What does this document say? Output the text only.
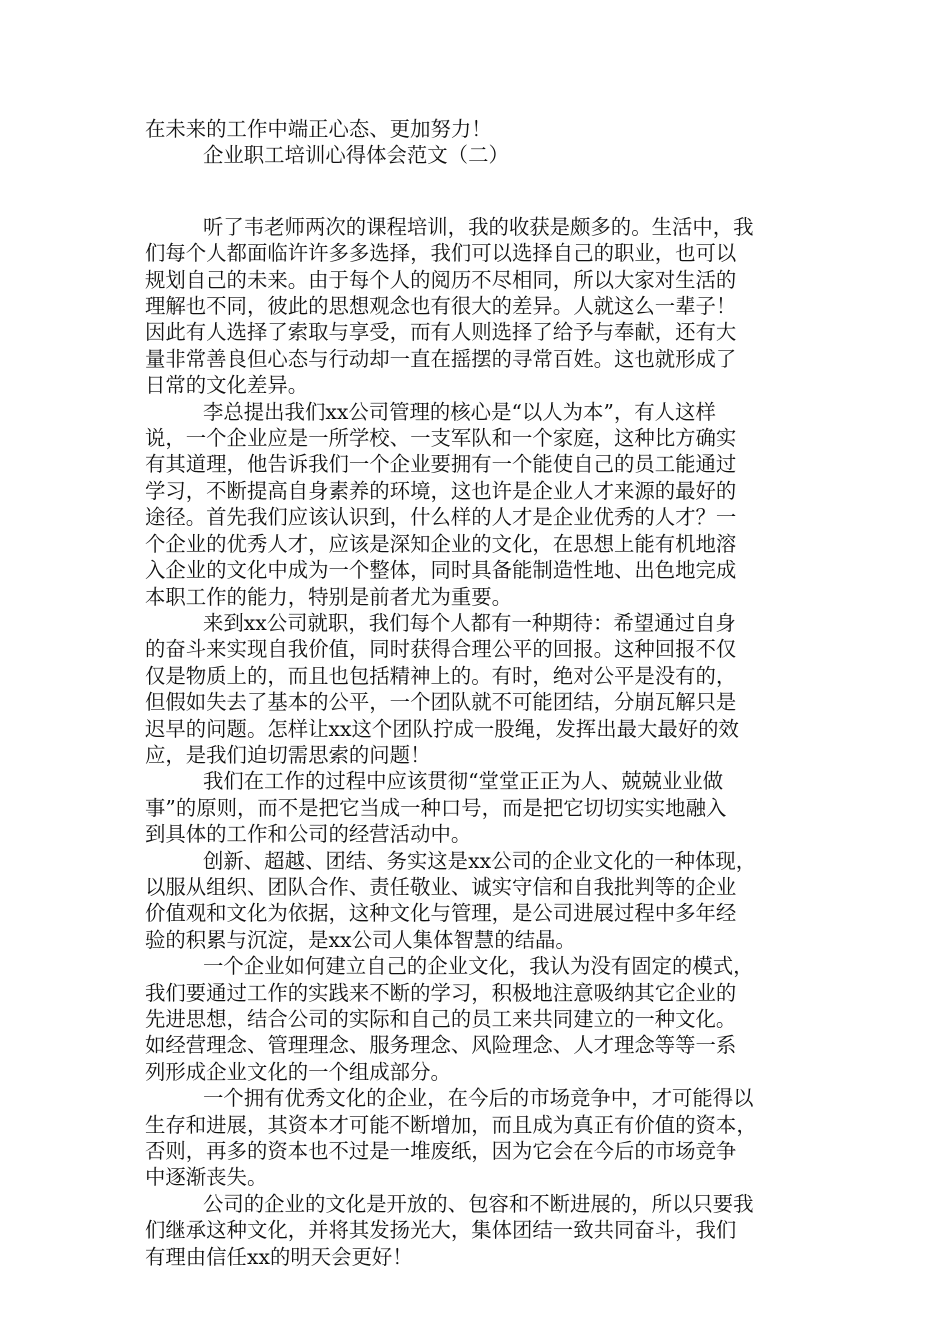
在未来的工作中端正心态、更加努力！
企业职工培训心得体会范文（二）

听了韦老师两次的课程培训，我的收获是颇多的。生活中，我
们每个人都面临许许多多选择，我们可以选择自己的职业，也可以
规划自己的未来。由于每个人的阅历不尽相同，所以大家对生活的
理解也不同，彼此的思想观念也有很大的差异。人就这么一辈子！
因此有人选择了索取与享受，而有人则选择了给予与奉献，还有大
量非常善良但心态与行动却一直在摇摆的寻常百姓。这也就形成了
日常的文化差异。

李总提出我们xx公司管理的核心是“以人为本”，有人这样
说，一个企业应是一所学校、一支军队和一个家庭，这种比方确实
有其道理，他告诉我们一个企业要拥有一个能使自己的员工能通过
学习，不断提高自身素养的环境，这也许是企业人才来源的最好的
途径。首先我们应该认识到，什么样的人才是企业优秀的人才？一
个企业的优秀人才，应该是深知企业的文化，在思想上能有机地溶
入企业的文化中成为一个整体，同时具备能制造性地、出色地完成
本职工作的能力，特别是前者尤为重要。

来到xx公司就职，我们每个人都有一种期待：希望通过自身
的奋斗来实现自我价值，同时获得合理公平的回报。这种回报不仅
仅是物质上的，而且也包括精神上的。有时，绝对公平是没有的，
但假如失去了基本的公平，一个团队就不可能团结，分崩瓦解只是
迟早的问题。怎样让xx这个团队拧成一股绳，发挥出最大最好的效
应，是我们迫切需思索的问题！

我们在工作的过程中应该贯彻“堂堂正正为人、兢兢业业做
事”的原则，而不是把它当成一种口号，而是把它切切实实地融入
到具体的工作和公司的经营活动中。

创新、超越、团结、务实这是xx公司的企业文化的一种体现，
以服从组织、团队合作、责任敬业、诚实守信和自我批判等的企业
价值观和文化为依据，这种文化与管理，是公司进展过程中多年经
验的积累与沉淀，是xx公司人集体智慧的结晶。

一个企业如何建立自己的企业文化，我认为没有固定的模式，
我们要通过工作的实践来不断的学习，积极地注意吸纳其它企业的
先进思想，结合公司的实际和自己的员工来共同建立的一种文化。
如经营理念、管理理念、服务理念、风险理念、人才理念等等一系
列形成企业文化的一个组成部分。

一个拥有优秀文化的企业，在今后的市场竞争中，才可能得以
生存和进展，其资本才可能不断增加，而且成为真正有价值的资本，
否则，再多的资本也不过是一堆废纸，因为它会在今后的市场竞争
中逐渐丧失。

公司的企业的文化是开放的、包容和不断进展的，所以只要我
们继承这种文化，并将其发扬光大，集体团结一致共同奋斗，我们
有理由信任xx的明天会更好！
